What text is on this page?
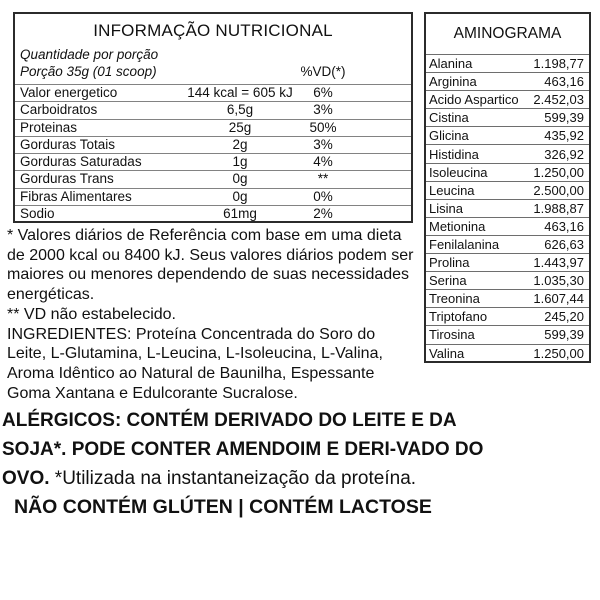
INFORMAÇÃO NUTRICIONAL
Quantidade por porção
Porção 35g (01 scoop)	%VD(*)
Valor energetico	144 kcal = 605 kJ	6%
Carboidratos	6,5g	3%
Proteinas	25g	50%
Gorduras Totais	2g	3%
Gorduras Saturadas	1g	4%
Gorduras Trans	0g	**
Fibras Alimentares	0g	0%
Sodio	61mg	2%
AMINOGRAMA
Alanina	1.198,77
Arginina	463,16
Acido Aspartico 2.452,03
Cistina	599,39
Glicina	435,92
Histidina	326,92
Isoleucina	1.250,00
Leucina	2.500,00
Lisina	1.988,87
Metionina	463,16
Fenilalanina	626,63
Prolina	1.443,97
Serina	1.035,30
Treonina	1.607,44
Triptofano	245,20
Tirosina	599,39
Valina	1.250,00

* Valores diários de Referência com base em uma dieta de 2000 kcal ou 8400 kJ. Seus valores diários podem ser maiores ou menores dependendo de suas necessidades energéticas.

** VD não estabelecido.

INGREDIENTES: Proteína Concentrada do Soro do Leite, L-Glutamina, L-Leucina, L-Isoleucina, L-Valina, Aroma Idêntico ao Natural de Baunilha, Espessante Goma Xantana e Edulcorante Sucralose.

ALÉRGICOS: CONTÉM DERIVADO DO LEITE E DA SOJA*. PODE CONTER AMENDOIM E DERI-VADO DO OVO. *Utilizada na instantaneização da proteína.

NÃO CONTÉM GLÚTEN | CONTÉM LACTOSE
